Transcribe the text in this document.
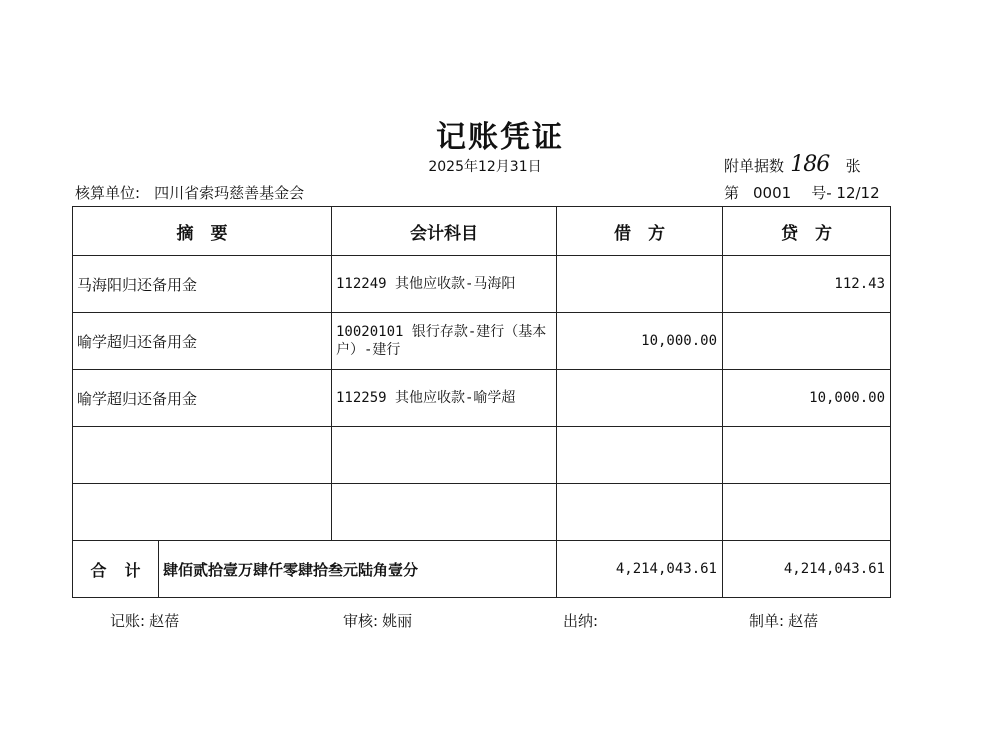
记账凭证
2025年12月31日	附单据数 186 张
核算单位: 四川省索玛慈善基金会	第 0001 号- 12/12
摘　要		会计科目	借　方	贷　方
马海阳归还备用金		112249 其他应收款-马海阳		112.43
喻学超归还备用金		10020101 银行存款-建行（基本户）-建行	10,000.00	
喻学超归还备用金		112259 其他应收款-喻学超		10,000.00

合 计	肆佰贰拾壹万肆仟零肆拾叁元陆角壹分		4,214,043.61	4,214,043.61
记账: 赵蓓	审核: 姚丽	出纳:	制单: 赵蓓
